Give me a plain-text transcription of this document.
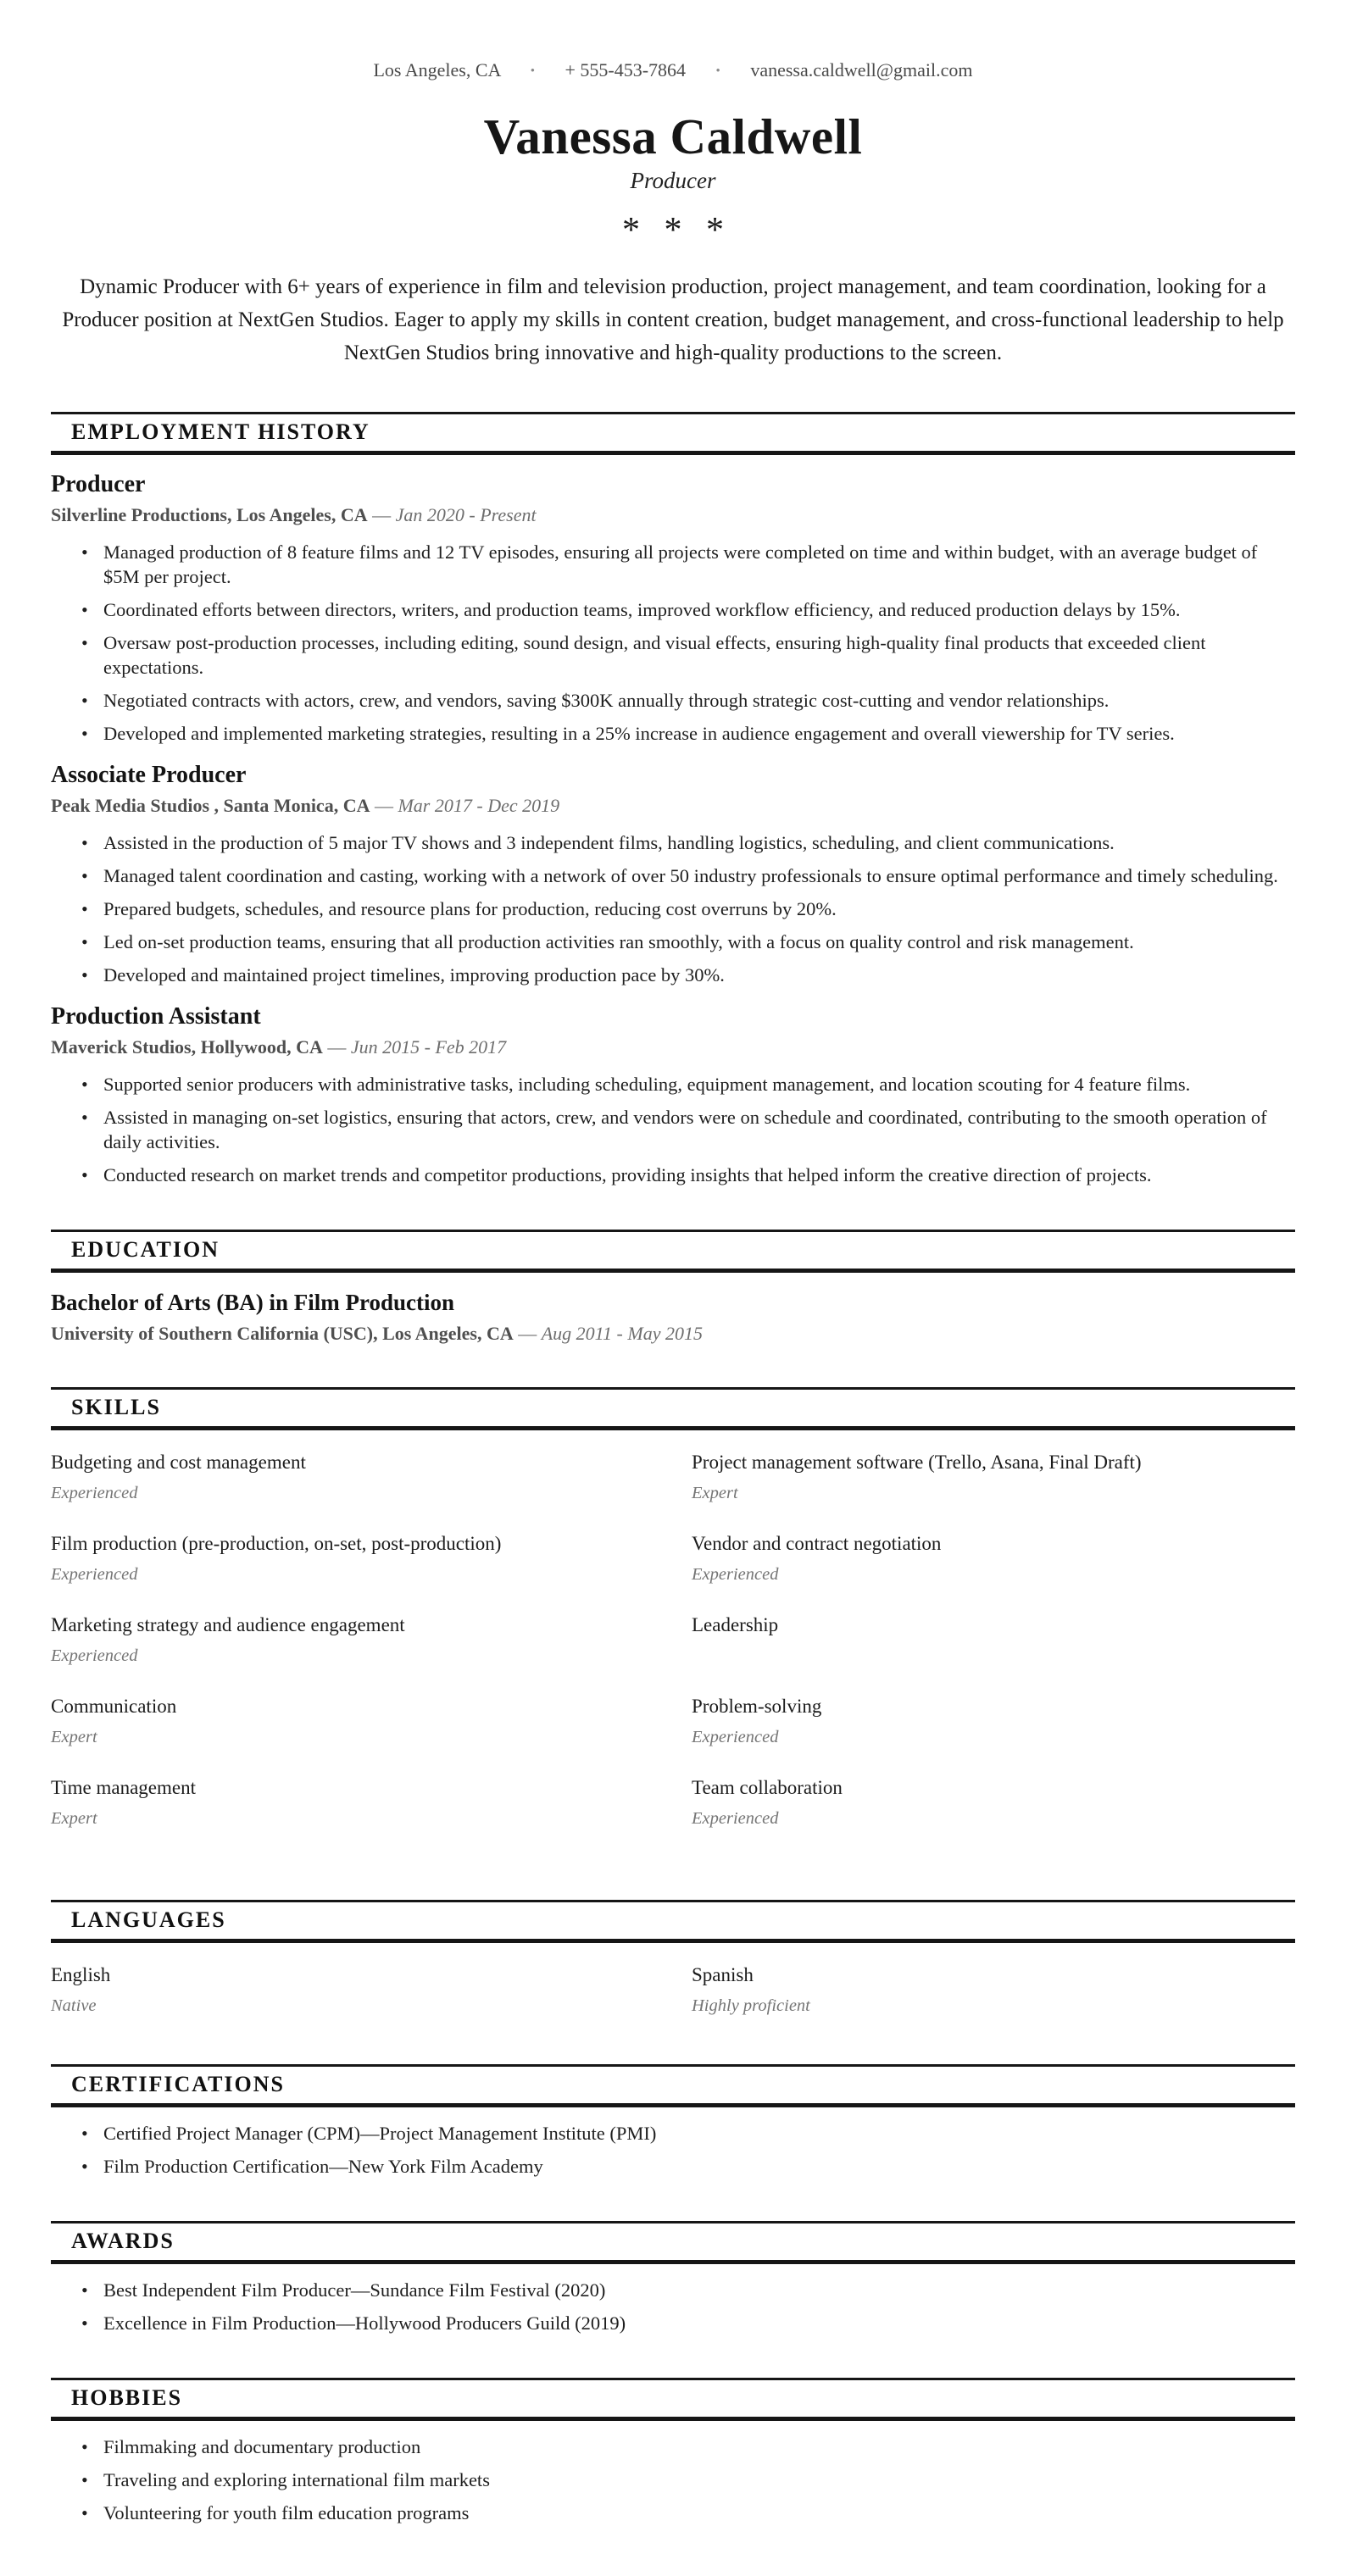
Los Angeles, CA • + 555-453-7864 • vanessa.caldwell@gmail.com
Vanessa Caldwell
Producer
* * *
Dynamic Producer with 6+ years of experience in film and television production, project management, and team coordination, looking for a Producer position at NextGen Studios. Eager to apply my skills in content creation, budget management, and cross-functional leadership to help NextGen Studios bring innovative and high-quality productions to the screen.
EMPLOYMENT HISTORY
Producer
Silverline Productions, Los Angeles, CA — Jan 2020 - Present
• Managed production of 8 feature films and 12 TV episodes, ensuring all projects were completed on time and within budget, with an average budget of $5M per project.
• Coordinated efforts between directors, writers, and production teams, improved workflow efficiency, and reduced production delays by 15%.
• Oversaw post-production processes, including editing, sound design, and visual effects, ensuring high-quality final products that exceeded client expectations.
• Negotiated contracts with actors, crew, and vendors, saving $300K annually through strategic cost-cutting and vendor relationships.
• Developed and implemented marketing strategies, resulting in a 25% increase in audience engagement and overall viewership for TV series.
Associate Producer
Peak Media Studios , Santa Monica, CA — Mar 2017 - Dec 2019
• Assisted in the production of 5 major TV shows and 3 independent films, handling logistics, scheduling, and client communications.
• Managed talent coordination and casting, working with a network of over 50 industry professionals to ensure optimal performance and timely scheduling.
• Prepared budgets, schedules, and resource plans for production, reducing cost overruns by 20%.
• Led on-set production teams, ensuring that all production activities ran smoothly, with a focus on quality control and risk management.
• Developed and maintained project timelines, improving production pace by 30%.
Production Assistant
Maverick Studios, Hollywood, CA — Jun 2015 - Feb 2017
• Supported senior producers with administrative tasks, including scheduling, equipment management, and location scouting for 4 feature films.
• Assisted in managing on-set logistics, ensuring that actors, crew, and vendors were on schedule and coordinated, contributing to the smooth operation of daily activities.
• Conducted research on market trends and competitor productions, providing insights that helped inform the creative direction of projects.
EDUCATION
Bachelor of Arts (BA) in Film Production
University of Southern California (USC), Los Angeles, CA — Aug 2011 - May 2015
SKILLS
Budgeting and cost management
Experienced
Project management software (Trello, Asana, Final Draft)
Expert
Film production (pre-production, on-set, post-production)
Experienced
Vendor and contract negotiation
Experienced
Marketing strategy and audience engagement
Experienced
Leadership
Communication
Expert
Problem-solving
Experienced
Time management
Expert
Team collaboration
Experienced
LANGUAGES
English
Native
Spanish
Highly proficient
CERTIFICATIONS
• Certified Project Manager (CPM)—Project Management Institute (PMI)
• Film Production Certification—New York Film Academy
AWARDS
• Best Independent Film Producer—Sundance Film Festival (2020)
• Excellence in Film Production—Hollywood Producers Guild (2019)
HOBBIES
• Filmmaking and documentary production
• Traveling and exploring international film markets
• Volunteering for youth film education programs
